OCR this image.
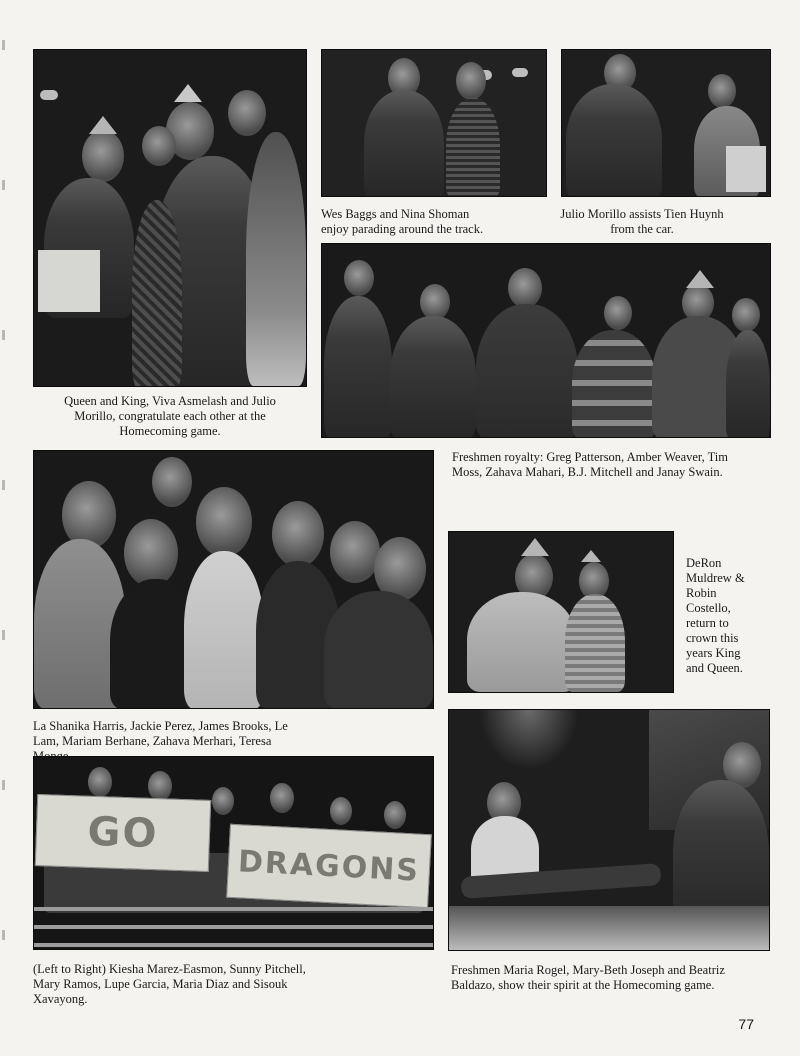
Queen and King, Viva Asmelash and Julio Morillo, congratulate each other at the Homecoming game.
Wes Baggs and Nina Shoman enjoy parading around the track.
Julio Morillo assists Tien Huynh from the car.
Freshmen royalty: Greg Patterson, Amber Weaver, Tim Moss, Zahava Mahari, B.J. Mitchell and Janay Swain.
La Shanika Harris, Jackie Perez, James Brooks, Le Lam, Mariam Berhane, Zahava Merhari, Teresa
DeRon Muldrew & Robin Costello, return to crown this years King and Queen.
GO
DRAGONS
(Left to Right) Kiesha Marez-Easmon, Sunny Pitchell, Mary Ramos, Lupe Garcia, Maria Diaz and Sisouk Xavayong.
Freshmen Maria Rogel, Mary-Beth Joseph and Beatriz Baldazo, show their spirit at the Homecoming game.
77
